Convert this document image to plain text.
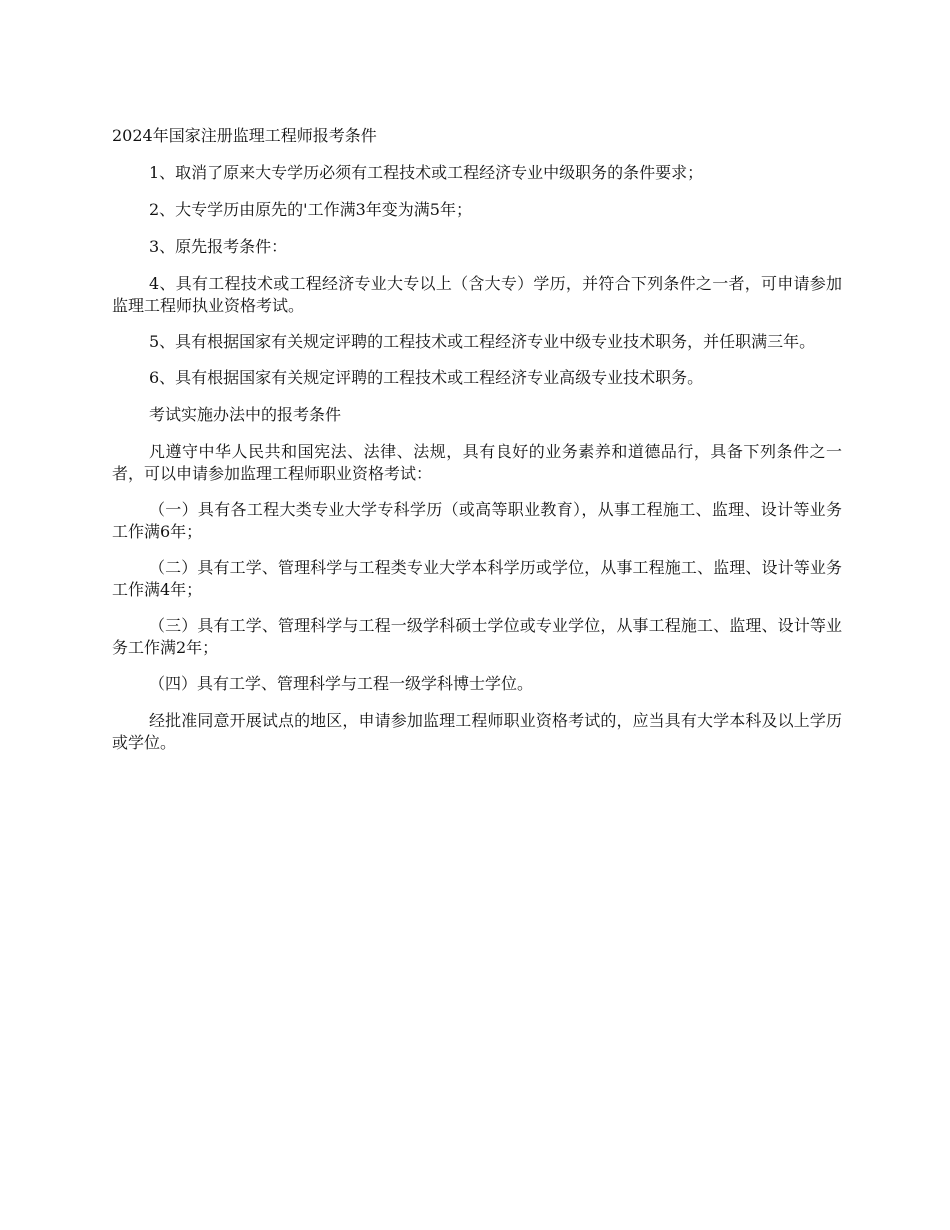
2024年国家注册监理工程师报考条件

1、取消了原来大专学历必须有工程技术或工程经济专业中级职务的条件要求；

2、大专学历由原先的'工作满3年变为满5年；

3、原先报考条件：

4、具有工程技术或工程经济专业大专以上（含大专）学历，并符合下列条件之一者，可申请参加监理工程师执业资格考试。

5、具有根据国家有关规定评聘的工程技术或工程经济专业中级专业技术职务，并任职满三年。

6、具有根据国家有关规定评聘的工程技术或工程经济专业高级专业技术职务。

考试实施办法中的报考条件

凡遵守中华人民共和国宪法、法律、法规，具有良好的业务素养和道德品行，具备下列条件之一者，可以申请参加监理工程师职业资格考试：

（一）具有各工程大类专业大学专科学历（或高等职业教育），从事工程施工、监理、设计等业务工作满6年；

（二）具有工学、管理科学与工程类专业大学本科学历或学位，从事工程施工、监理、设计等业务工作满4年；

（三）具有工学、管理科学与工程一级学科硕士学位或专业学位，从事工程施工、监理、设计等业务工作满2年；

（四）具有工学、管理科学与工程一级学科博士学位。

经批准同意开展试点的地区，申请参加监理工程师职业资格考试的，应当具有大学本科及以上学历或学位。
